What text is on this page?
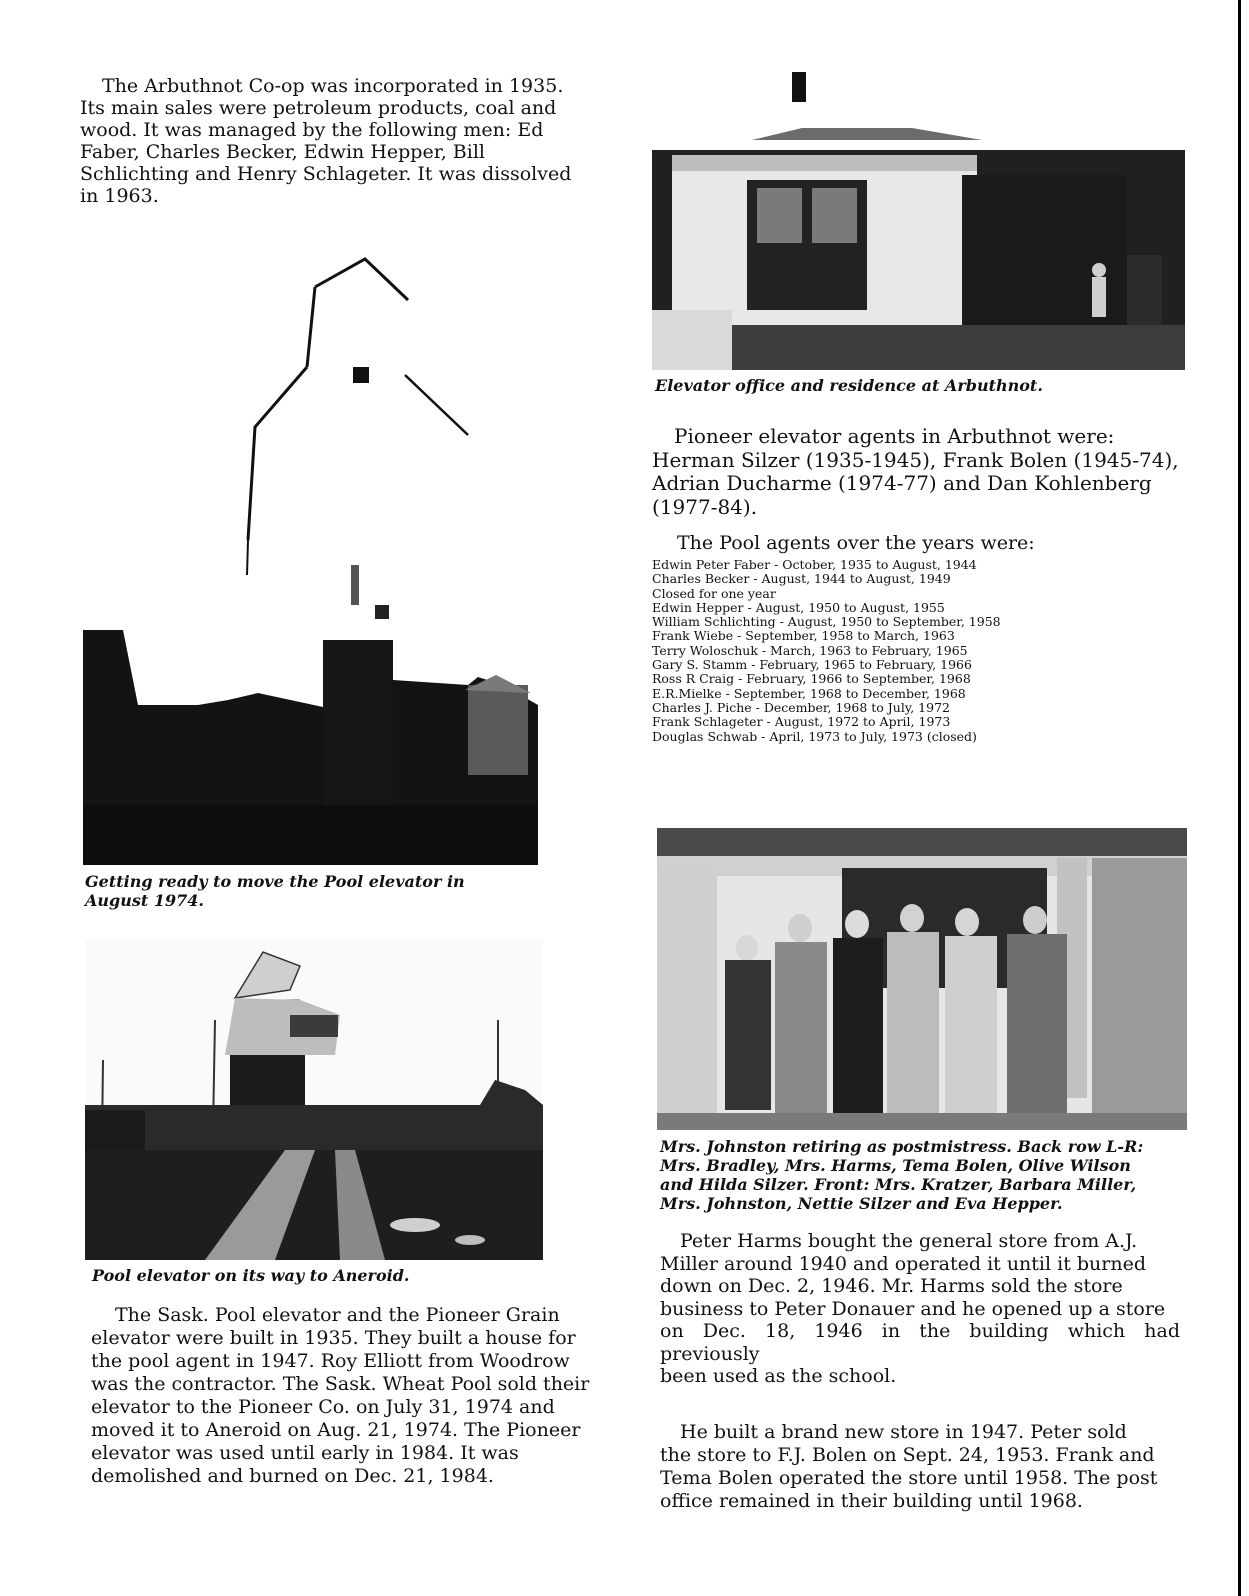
The Arbuthnot Co-op was incorporated in 1935.
Its main sales were petroleum products, coal and
wood. It was managed by the following men: Ed
Faber, Charles Becker, Edwin Hepper, Bill
Schlichting and Henry Schlageter. It was dissolved
in 1963.

Getting ready to move the Pool elevator in
August 1974.

Pool elevator on its way to Aneroid.

The Sask. Pool elevator and the Pioneer Grain
elevator were built in 1935. They built a house for
the pool agent in 1947. Roy Elliott from Woodrow
was the contractor. The Sask. Wheat Pool sold their
elevator to the Pioneer Co. on July 31, 1974 and
moved it to Aneroid on Aug. 21, 1974. The Pioneer
elevator was used until early in 1984. It was
demolished and burned on Dec. 21, 1984.

Elevator office and residence at Arbuthnot.

Pioneer elevator agents in Arbuthnot were:
Herman Silzer (1935-1945), Frank Bolen (1945-74),
Adrian Ducharme (1974-77) and Dan Kohlenberg
(1977-84).

The Pool agents over the years were:

Edwin Peter Faber - October, 1935 to August, 1944
Charles Becker - August, 1944 to August, 1949
Closed for one year
Edwin Hepper - August, 1950 to August, 1955
William Schlichting - August, 1950 to September, 1958
Frank Wiebe - September, 1958 to March, 1963
Terry Woloschuk - March, 1963 to February, 1965
Gary S. Stamm - February, 1965 to February, 1966
Ross R Craig - February, 1966 to September, 1968
E.R.Mielke - September, 1968 to December, 1968
Charles J. Piche - December, 1968 to July, 1972
Frank Schlageter - August, 1972 to April, 1973
Douglas Schwab - April, 1973 to July, 1973 (closed)

Mrs. Johnston retiring as postmistress. Back row L-R:
Mrs. Bradley, Mrs. Harms, Tema Bolen, Olive Wilson
and Hilda Silzer. Front: Mrs. Kratzer, Barbara Miller,
Mrs. Johnston, Nettie Silzer and Eva Hepper.

Peter Harms bought the general store from A.J.
Miller around 1940 and operated it until it burned
down on Dec. 2, 1946. Mr. Harms sold the store
business to Peter Donauer and he opened up a store
on Dec. 18, 1946 in the building which had previously
been used as the school.
He built a brand new store in 1947. Peter sold
the store to F.J. Bolen on Sept. 24, 1953. Frank and
Tema Bolen operated the store until 1958. The post
office remained in their building until 1968.
